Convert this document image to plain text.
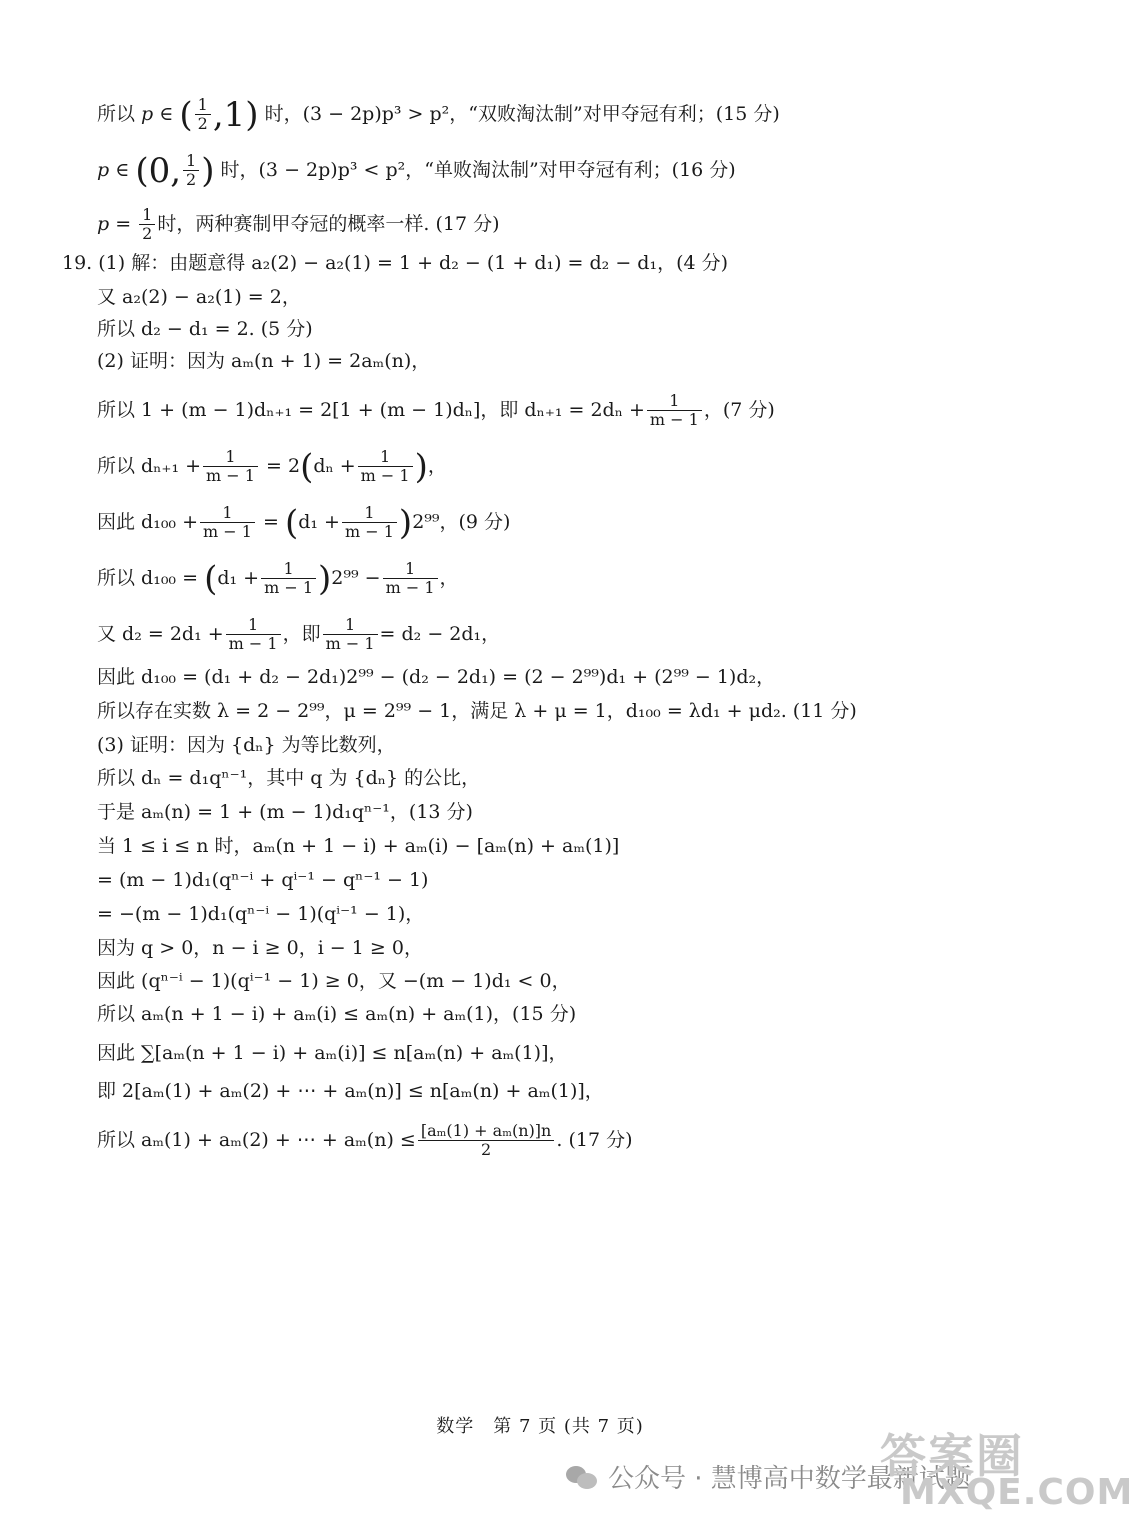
所以 p ∈ ( $\frac{1}{2} ,1$) 时，(3 − 2p)p³ > p²，“双败淘汰制”对甲夺冠有利；(15 分)
p ∈ (0, $\frac{1}{2}$ ) 时，(3 − 2p)p³ < p²，“单败淘汰制”对甲夺冠有利；(16 分)
$p = \frac{1}{2}$ 时，两种赛制甲夺冠的概率一样. (17 分)
19. (1) 解：由题意得 a₂(2) − a₂(1) = 1 + d₂ − (1 + d₁) = d₂ − d₁，(4 分)
又 a₂(2) − a₂(1) = 2，
所以 d₂ − d₁ = 2. (5 分)
(2) 证明：因为 aₘ(n + 1) = 2aₘ(n)，
所以 1 + (m − 1)dₙ₊₁ = 2[1 + (m − 1)dₙ]，即 $d_{n+1} = 2d_n + \frac{1}{m - 1}$ ，(7 分)
所以 $d_{n+1} + \frac{1}{m - 1} = 2(d_n + \frac{1}{m - 1}$ )，
因此 $d_{100} + \frac{1}{m - 1} = (d_1 + \frac{1}{m - 1} )2^{99}$，(9 分)
所以 $d_{100} = (d_1 + \frac{1}{m - 1} )2^{99} - \frac{1}{m - 1}$ ，
又 $d_2 = 2d_1 + \frac{1}{m - 1}$ ，即 $\frac{1}{m - 1} = d_2 - 2d_1$，
因此 d₁₀₀ = (d₁ + d₂ − 2d₁)2⁹⁹ − (d₂ − 2d₁) = (2 − 2⁹⁹)d₁ + (2⁹⁹ − 1)d₂，
所以存在实数 λ = 2 − 2⁹⁹，μ = 2⁹⁹ − 1，满足 λ + μ = 1，d₁₀₀ = λd₁ + μd₂. (11 分)
(3) 证明：因为 {dₙ} 为等比数列，
所以 dₙ = d₁qⁿ⁻¹，其中 q 为 {dₙ} 的公比，
于是 aₘ(n) = 1 + (m − 1)d₁qⁿ⁻¹，(13 分)
当 1 ≤ i ≤ n 时，aₘ(n + 1 − i) + aₘ(i) − [aₘ(n) + aₘ(1)]
= (m − 1)d₁(qⁿ⁻ⁱ + qⁱ⁻¹ − qⁿ⁻¹ − 1)
= −(m − 1)d₁(qⁿ⁻ⁱ − 1)(qⁱ⁻¹ − 1)，
因为 q > 0，n − i ≥ 0，i − 1 ≥ 0，
因此 (qⁿ⁻ⁱ − 1)(qⁱ⁻¹ − 1) ≥ 0，又 −(m − 1)d₁ < 0，
所以 aₘ(n + 1 − i) + aₘ(i) ≤ aₘ(n) + aₘ(1)，(15 分)
因此 ∑[aₘ(n + 1 − i) + aₘ(i)] ≤ n[aₘ(n) + aₘ(1)]，
即 2[aₘ(1) + aₘ(2) + ⋯ + aₘ(n)] ≤ n[aₘ(n) + aₘ(1)]，
所以 aₘ(1) + aₘ(2) + ⋯ + $a_m(n) \le \frac{\text{[aₘ(1) + aₘ(n)]n}}{2}$ . (17 分)
数学　第 7 页 (共 7 页)
公众号 · 慧博高中数学最新试题
答案圈
MXQE.COM
